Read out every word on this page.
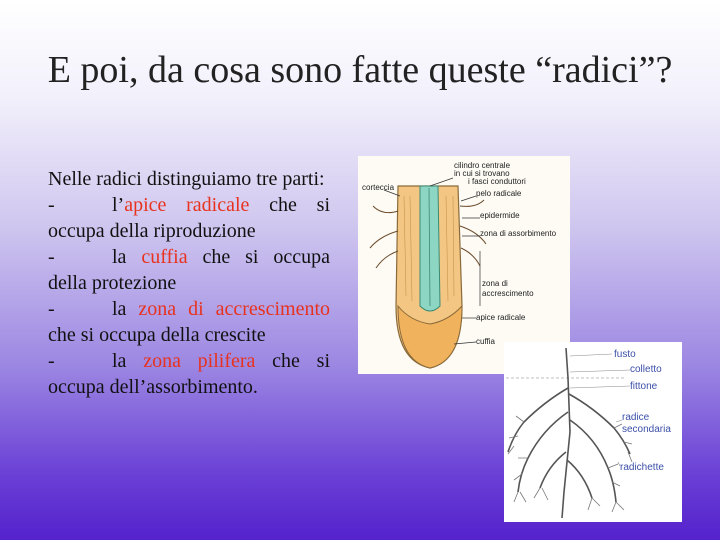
E poi, da cosa sono fatte queste “radici”?

Nelle radici distinguiamo tre parti:

-	l’apice radicale che si occupa della riproduzione

-	la cuffia che si occupa della protezione

-	la zona di accrescimento che si occupa della crescite

-	la zona pilifera che si occupa dell’assorbimento.

cilindro centrale
in cui si trovano
i fasci conduttori
corteccia
pelo radicale
epidermide
zona di assorbimento
zona di
accrescimento
apice radicale
cuffia
fusto
colletto
fittone
radice
secondaria
radichette
